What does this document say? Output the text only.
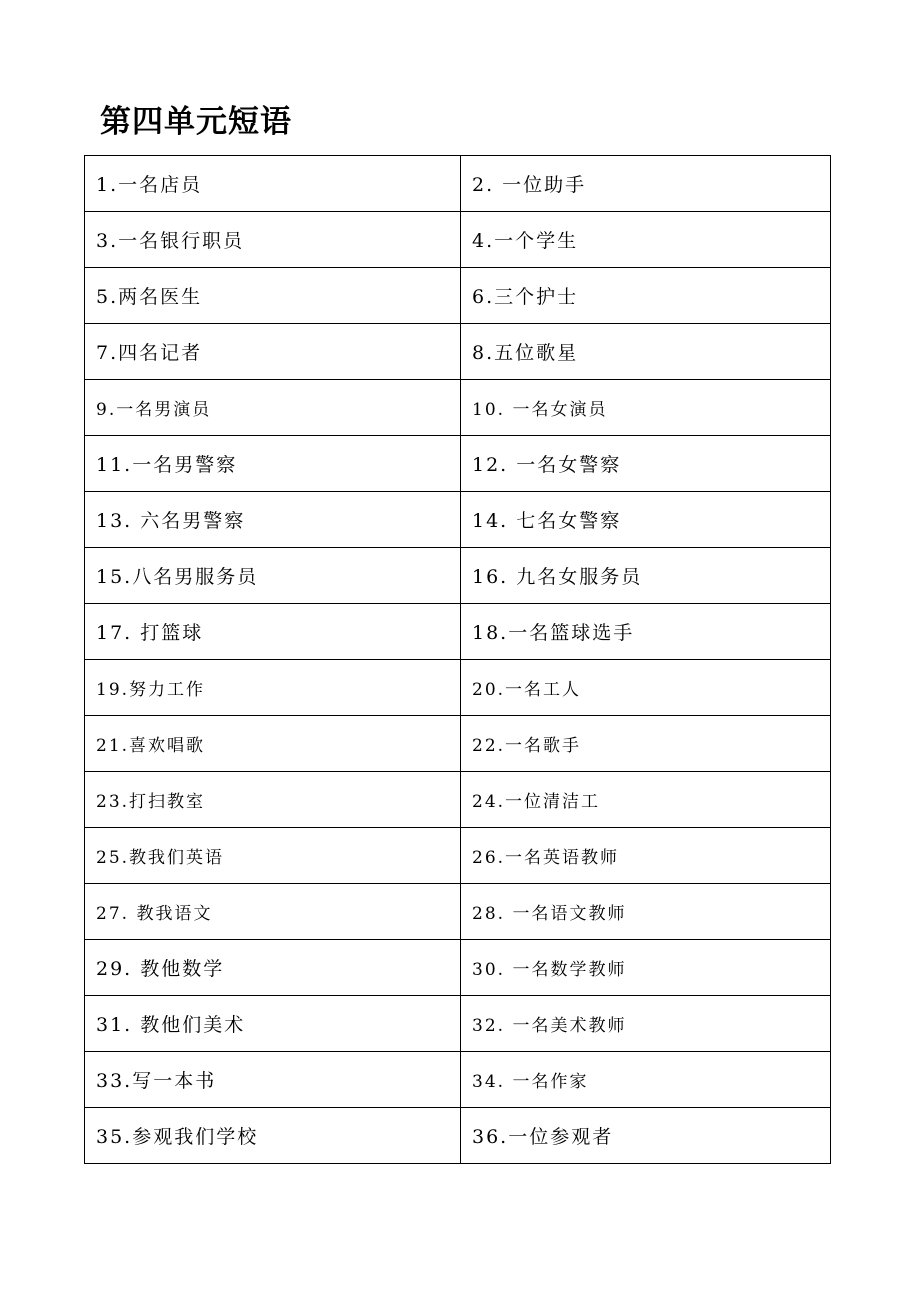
第四单元短语
1.一名店员	2. 一位助手
3.一名银行职员	4.一个学生
5.两名医生	6.三个护士
7.四名记者	8.五位歌星
9.一名男演员	10. 一名女演员
11.一名男警察	12. 一名女警察
13. 六名男警察	14. 七名女警察
15.八名男服务员	16. 九名女服务员
17. 打篮球	18.一名篮球选手
19.努力工作	20.一名工人
21.喜欢唱歌	22.一名歌手
23.打扫教室	24.一位清洁工
25.教我们英语	26.一名英语教师
27. 教我语文	28. 一名语文教师
29. 教他数学	30. 一名数学教师
31. 教他们美术	32. 一名美术教师
33.写一本书	34. 一名作家
35.参观我们学校	36.一位参观者
